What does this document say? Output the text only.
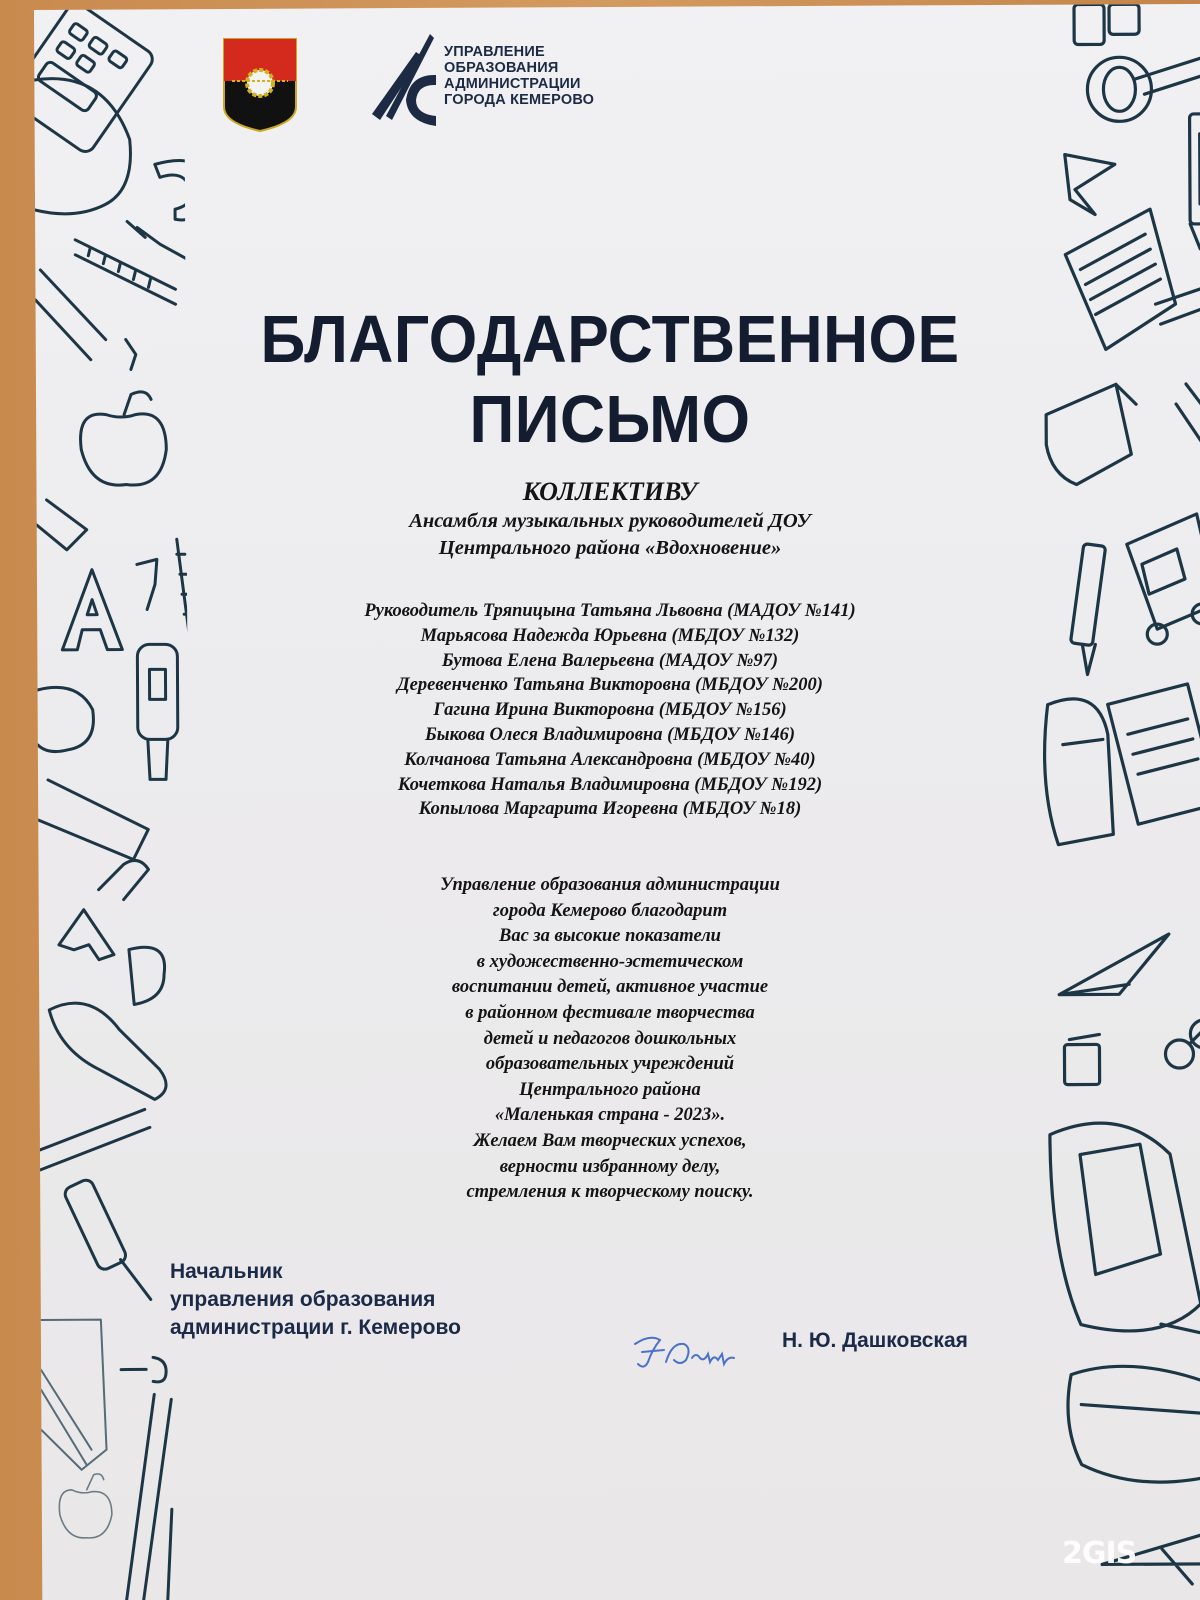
УПРАВЛЕНИЕ
ОБРАЗОВАНИЯ
АДМИНИСТРАЦИИ
ГОРОДА КЕМЕРОВО
БЛАГОДАРСТВЕННОЕ
ПИСЬМО
КОЛЛЕКТИВУ
Ансамбля музыкальных руководителей ДОУ
Центрального района «Вдохновение»
Руководитель Тряпицына Татьяна Львовна (МАДОУ №141)
Марьясова Надежда Юрьевна (МБДОУ №132)
Бутова Елена Валерьевна (МАДОУ №97)
Деревенченко Татьяна Викторовна (МБДОУ №200)
Гагина Ирина Викторовна (МБДОУ №156)
Быкова Олеся Владимировна (МБДОУ №146)
Колчанова Татьяна Александровна (МБДОУ №40)
Кочеткова Наталья Владимировна (МБДОУ №192)
Копылова Маргарита Игоревна (МБДОУ №18)
Управление образования администрации
города Кемерово благодарит
Вас за высокие показатели
в художественно-эстетическом
воспитании детей, активное участие
в районном фестивале творчества
детей и педагогов дошкольных
образовательных учреждений
Центрального района
«Маленькая страна - 2023».
Желаем Вам творческих успехов,
верности избранному делу,
стремления к творческому поиску.
Начальник
управления образования
администрации г. Кемерово
Н. Ю. Дашковская
2GIS
